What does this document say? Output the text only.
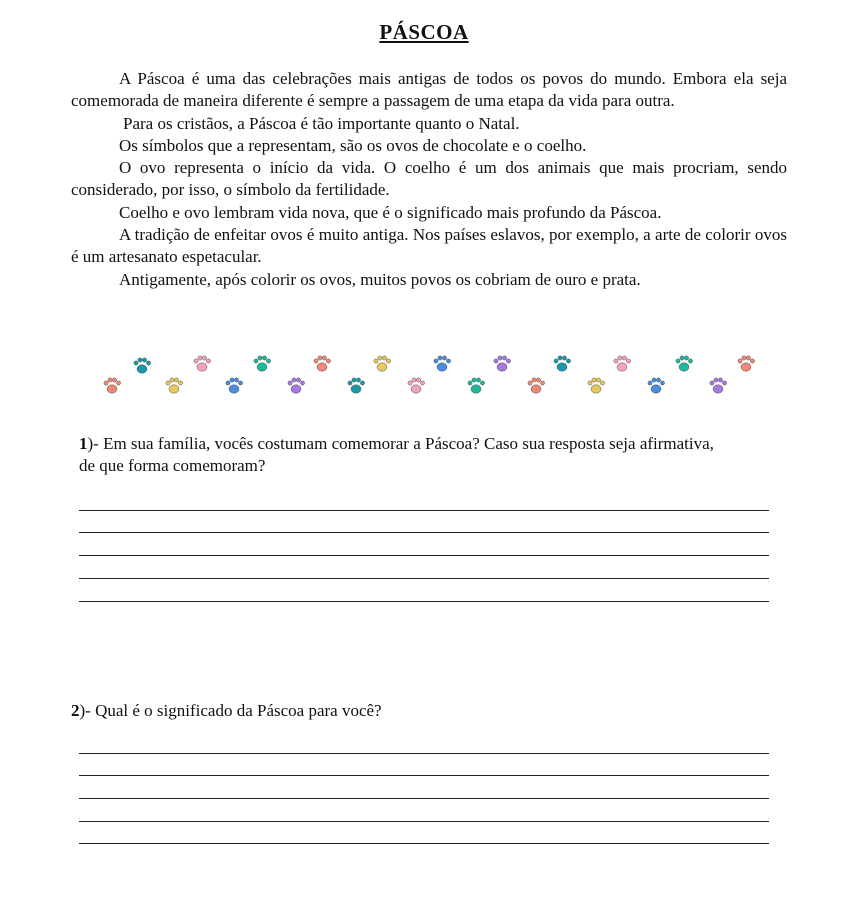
PÁSCOA

A Páscoa é uma das celebrações mais antigas de todos os povos do mundo. Embora ela seja comemorada de maneira diferente é sempre a passagem de uma etapa da vida para outra.

Para os cristãos, a Páscoa é tão importante quanto o Natal.

Os símbolos que a representam, são os ovos de chocolate e o coelho.

O ovo representa o início da vida. O coelho é um dos animais que mais procriam, sendo considerado, por isso, o símbolo da fertilidade.

Coelho e ovo lembram vida nova, que é o significado mais profundo da Páscoa.

A tradição de enfeitar ovos é muito antiga. Nos países eslavos, por exemplo, a arte de colorir ovos é um artesanato espetacular.

Antigamente, após colorir os ovos, muitos povos os cobriam de ouro e prata.

1)- Em sua família, vocês costumam comemorar a Páscoa? Caso sua resposta seja afirmativa, de que forma comemoram?
2)- Qual é o significado da Páscoa para você?
